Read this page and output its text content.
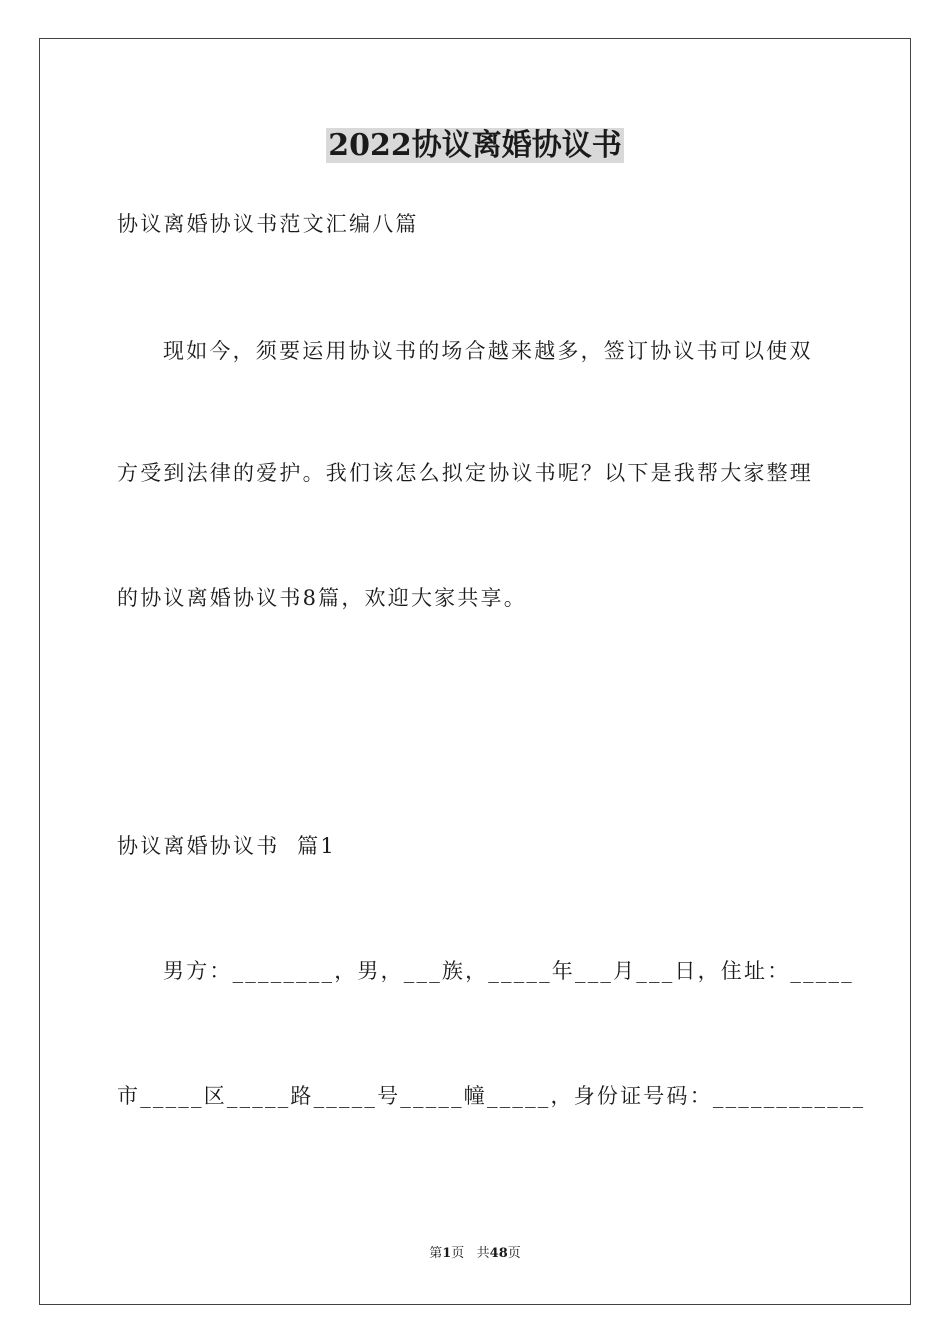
2022协议离婚协议书
协议离婚协议书范文汇编八篇
现如今，须要运用协议书的场合越来越多，签订协议书可以使双
方受到法律的爱护。我们该怎么拟定协议书呢？以下是我帮大家整理
的协议离婚协议书8篇，欢迎大家共享。
协议离婚协议书  篇1
男方：________，男，___族，_____年___月___日，住址：_____
市_____区_____路_____号_____幢_____，身份证号码：____________
第1页   共48页
